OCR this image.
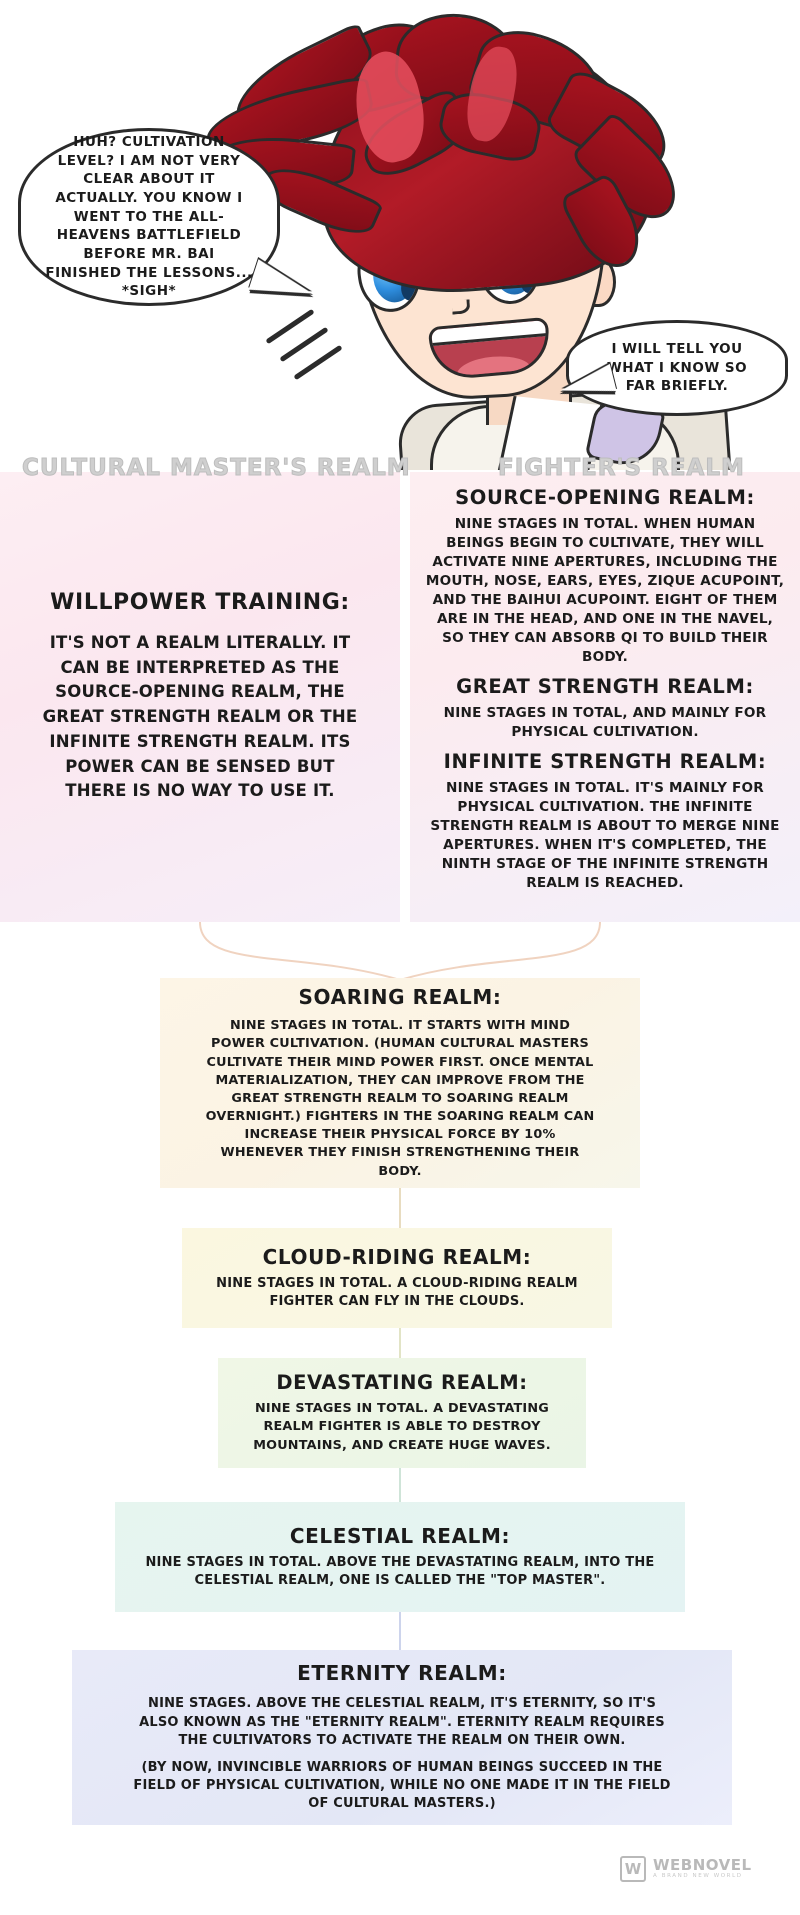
HUH? CULTIVATION LEVEL? I AM NOT VERY CLEAR ABOUT IT ACTUALLY. YOU KNOW I WENT TO THE ALL-HEAVENS BATTLEFIELD BEFORE MR. BAI FINISHED THE LESSONS... *SIGH*

I WILL TELL YOU WHAT I KNOW SO FAR BRIEFLY.

CULTURAL MASTER'S REALM	FIGHTER'S REALM
WILLPOWER TRAINING:

IT'S NOT A REALM LITERALLY. IT CAN BE INTERPRETED AS THE SOURCE-OPENING REALM, THE GREAT STRENGTH REALM OR THE INFINITE STRENGTH REALM. ITS POWER CAN BE SENSED BUT THERE IS NO WAY TO USE IT.

SOURCE-OPENING REALM:

NINE STAGES IN TOTAL. WHEN HUMAN BEINGS BEGIN TO CULTIVATE, THEY WILL ACTIVATE NINE APERTURES, INCLUDING THE MOUTH, NOSE, EARS, EYES, ZIQUE ACUPOINT, AND THE BAIHUI ACUPOINT. EIGHT OF THEM ARE IN THE HEAD, AND ONE IN THE NAVEL, SO THEY CAN ABSORB QI TO BUILD THEIR BODY.

GREAT STRENGTH REALM:

NINE STAGES IN TOTAL, AND MAINLY FOR PHYSICAL CULTIVATION.

INFINITE STRENGTH REALM:

NINE STAGES IN TOTAL. IT'S MAINLY FOR PHYSICAL CULTIVATION. THE INFINITE STRENGTH REALM IS ABOUT TO MERGE NINE APERTURES. WHEN IT'S COMPLETED, THE NINTH STAGE OF THE INFINITE STRENGTH REALM IS REACHED.

SOARING REALM:

NINE STAGES IN TOTAL. IT STARTS WITH MIND POWER CULTIVATION. (HUMAN CULTURAL MASTERS CULTIVATE THEIR MIND POWER FIRST. ONCE MENTAL MATERIALIZATION, THEY CAN IMPROVE FROM THE GREAT STRENGTH REALM TO SOARING REALM OVERNIGHT.) FIGHTERS IN THE SOARING REALM CAN INCREASE THEIR PHYSICAL FORCE BY 10% WHENEVER THEY FINISH STRENGTHENING THEIR BODY.

CLOUD-RIDING REALM:

NINE STAGES IN TOTAL. A CLOUD-RIDING REALM FIGHTER CAN FLY IN THE CLOUDS.

DEVASTATING REALM:

NINE STAGES IN TOTAL. A DEVASTATING REALM FIGHTER IS ABLE TO DESTROY MOUNTAINS, AND CREATE HUGE WAVES.

CELESTIAL REALM:

NINE STAGES IN TOTAL. ABOVE THE DEVASTATING REALM, INTO THE CELESTIAL REALM, ONE IS CALLED THE "TOP MASTER".

ETERNITY REALM:

NINE STAGES. ABOVE THE CELESTIAL REALM, IT'S ETERNITY, SO IT'S ALSO KNOWN AS THE "ETERNITY REALM". ETERNITY REALM REQUIRES THE CULTIVATORS TO ACTIVATE THE REALM ON THEIR OWN.

(BY NOW, INVINCIBLE WARRIORS OF HUMAN BEINGS SUCCEED IN THE FIELD OF PHYSICAL CULTIVATION, WHILE NO ONE MADE IT IN THE FIELD OF CULTURAL MASTERS.)

W WEBNOVEL
A BRAND NEW WORLD
